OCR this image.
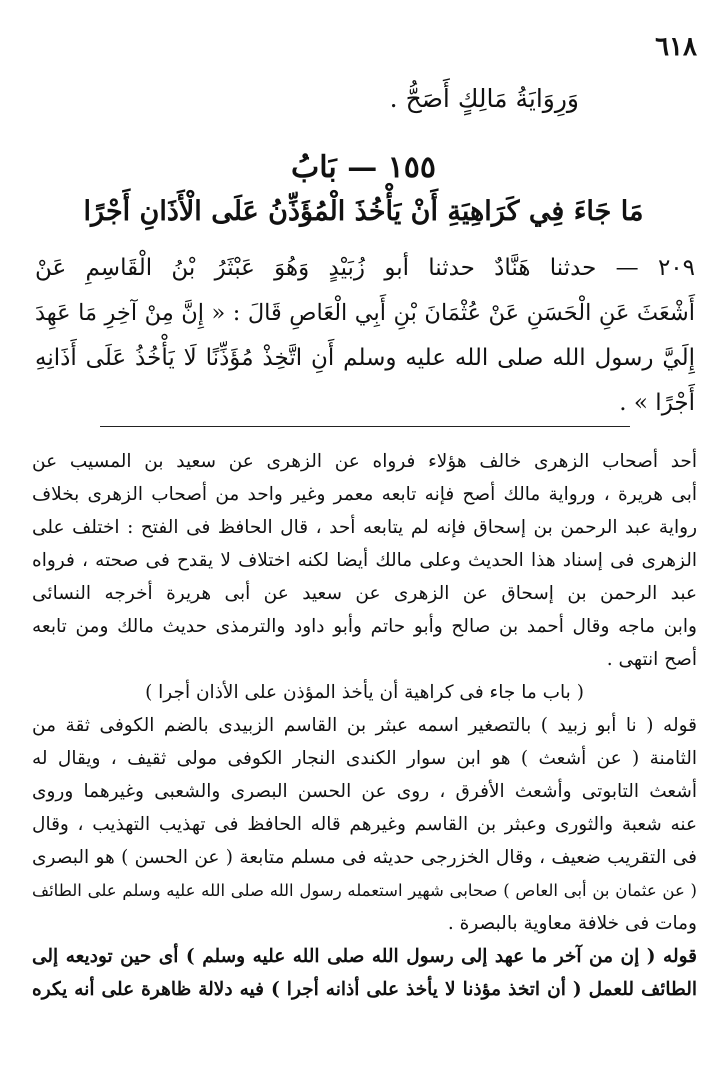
٦١٨
وَرِوَايَةُ مَالِكٍ أَصَحُّ .
١٥٥ — بَابُ
مَا جَاءَ فِي كَرَاهِيَةِ أَنْ يَأْخُذَ الْمُؤَذِّنُ عَلَى الْأَذَانِ أَجْرًا
٢٠٩ — حدثنا هَنَّادٌ حدثنا أبو زُبَيْدٍ وَهُوَ عَبْثَرُ بْنُ الْقَاسِمِ عَنْ
أَشْعَثَ عَنِ الْحَسَنِ عَنْ عُثْمَانَ بْنِ أَبِي الْعَاصِ قَالَ : « إِنَّ مِنْ آخِرِ مَا عَهِدَ
إِلَيَّ رسول الله صلى الله عليه وسلم أَنِ اتَّخِذْ مُؤَذِّنًا لَا يَأْخُذُ عَلَى أَذَانِهِ
أَجْرًا » .
أحد أصحاب الزهرى خالف هؤلاء فرواه عن الزهرى عن سعيد بن المسيب عن
أبى هريرة ، ورواية مالك أصح فإنه تابعه معمر وغير واحد من أصحاب الزهرى بخلاف
رواية عبد الرحمن بن إسحاق فإنه لم يتابعه أحد ، قال الحافظ فى الفتح : اختلف على
الزهرى فى إسناد هذا الحديث وعلى مالك أيضا لكنه اختلاف لا يقدح فى صحته ، فرواه
عبد الرحمن بن إسحاق عن الزهرى عن سعيد عن أبى هريرة أخرجه النسائى
وابن ماجه وقال أحمد بن صالح وأبو حاتم وأبو داود والترمذى حديث مالك ومن تابعه
أصح انتهى .
( باب ما جاء فى كراهية أن يأخذ المؤذن على الأذان أجرا )
قوله ( نا أبو زبيد ) بالتصغير اسمه عبثر بن القاسم الزبيدى بالضم الكوفى ثقة من
الثامنة ( عن أشعث ) هو ابن سوار الكندى النجار الكوفى مولى ثقيف ، ويقال له
أشعث التابوتى وأشعث الأفرق ، روى عن الحسن البصرى والشعبى وغيرهما وروى
عنه شعبة والثورى وعبثر بن القاسم وغيرهم قاله الحافظ فى تهذيب التهذيب ، وقال
فى التقريب ضعيف ، وقال الخزرجى حديثه فى مسلم متابعة ( عن الحسن ) هو البصرى
( عن عثمان بن أبى العاص ) صحابى شهير استعمله رسول الله صلى الله عليه وسلم على الطائف
ومات فى خلافة معاوية بالبصرة .
قوله ( إن من آخر ما عهد إلى رسول الله صلى الله عليه وسلم ) أى حين توديعه إلى
الطائف للعمل ( أن اتخذ مؤذنا لا يأخذ على أذانه أجرا ) فيه دلالة ظاهرة على أنه يكره
